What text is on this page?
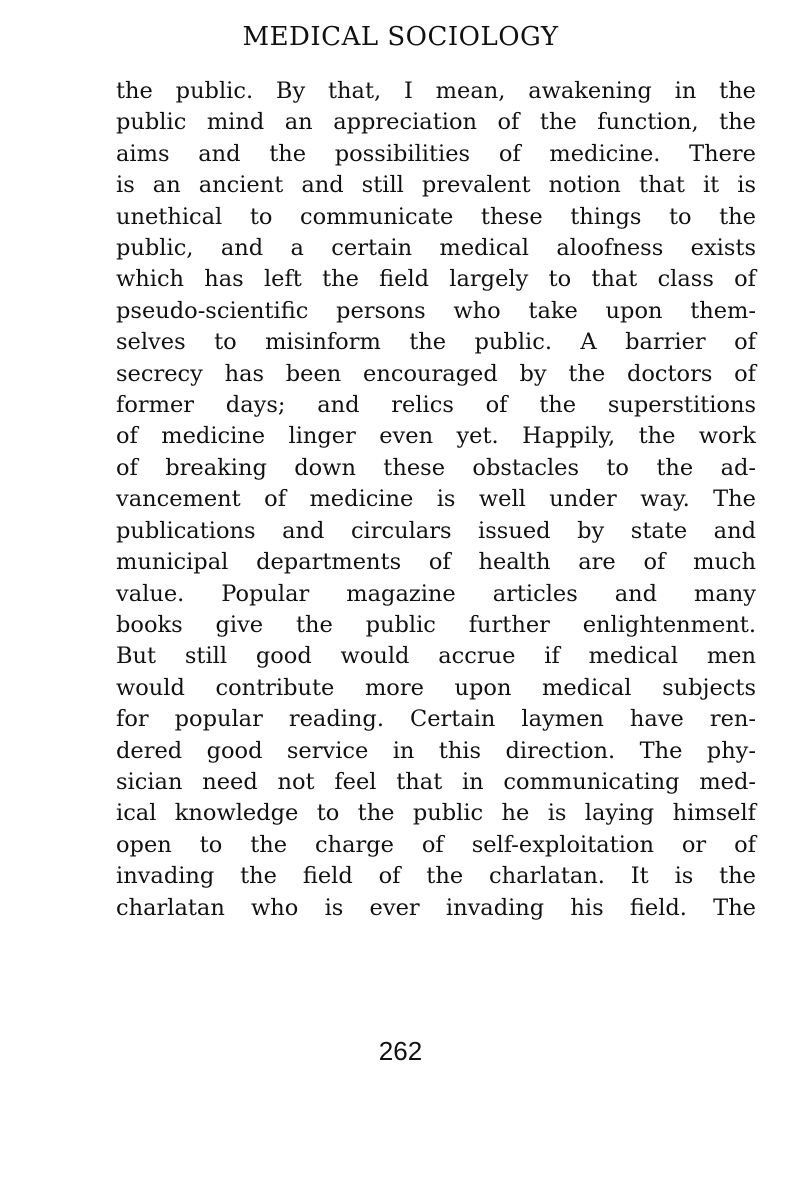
MEDICAL SOCIOLOGY
the public. By that, I mean, awakening in the
public mind an appreciation of the function, the
aims and the possibilities of medicine. There
is an ancient and still prevalent notion that it is
unethical to communicate these things to the
public, and a certain medical aloofness exists
which has left the field largely to that class of
pseudo-scientific persons who take upon them-
selves to misinform the public. A barrier of
secrecy has been encouraged by the doctors of
former days; and relics of the superstitions
of medicine linger even yet. Happily, the work
of breaking down these obstacles to the ad-
vancement of medicine is well under way. The
publications and circulars issued by state and
municipal departments of health are of much
value. Popular magazine articles and many
books give the public further enlightenment.
But still good would accrue if medical men
would contribute more upon medical subjects
for popular reading. Certain laymen have ren-
dered good service in this direction. The phy-
sician need not feel that in communicating med-
ical knowledge to the public he is laying himself
open to the charge of self-exploitation or of
invading the field of the charlatan. It is the
charlatan who is ever invading his field. The
262
